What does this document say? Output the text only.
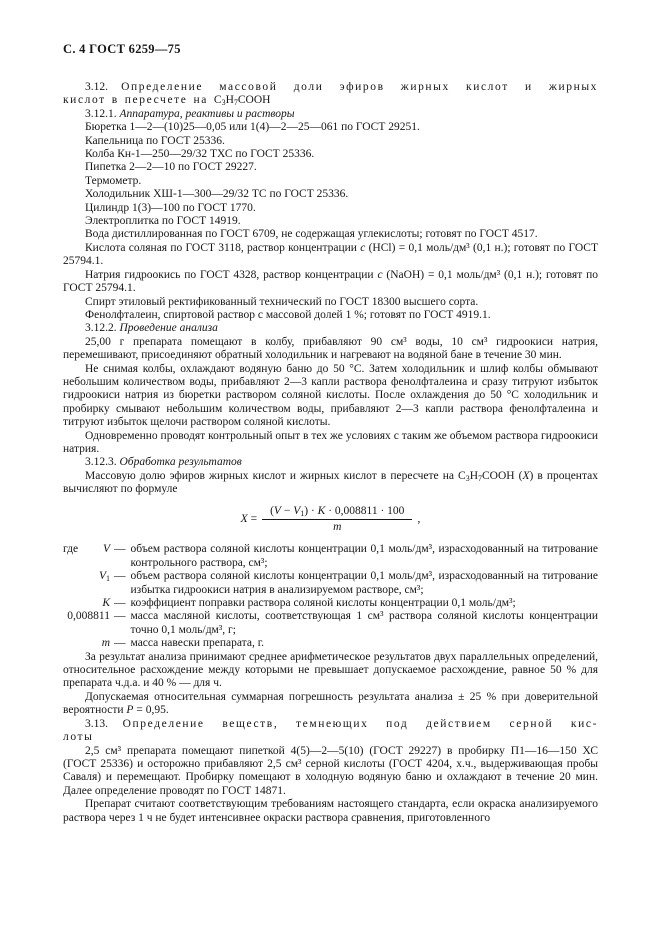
С. 4 ГОСТ 6259—75
3.12. Определение массовой доли эфиров жирных кислот и жирных
кислот в пересчете на $C_3H_7COOH$

3.12.1. Аппаратура, реактивы и растворы

Бюретка 1—2—(10)25—0,05 или 1(4)—2—25—061 по ГОСТ 29251.

Капельница по ГОСТ 25336.

Колба Кн-1—250—29/32 ТХС по ГОСТ 25336.

Пипетка 2—2—10 по ГОСТ 29227.

Термометр.

Холодильник ХШ-1—300—29/32 ТС по ГОСТ 25336.

Цилиндр 1(3)—100 по ГОСТ 1770.

Электроплитка по ГОСТ 14919.

Вода дистиллированная по ГОСТ 6709, не содержащая углекислоты; готовят по ГОСТ 4517.

Кислота соляная по ГОСТ 3118, раствор концентрации c (HCl) = 0,1 моль/дм³ (0,1 н.); готовят по ГОСТ 25794.1.

Натрия гидроокись по ГОСТ 4328, раствор концентрации c (NaOH) = 0,1 моль/дм³ (0,1 н.); готовят по ГОСТ 25794.1.

Спирт этиловый ректификованный технический по ГОСТ 18300 высшего сорта.

Фенолфталеин, спиртовой раствор с массовой долей 1 %; готовят по ГОСТ 4919.1.

3.12.2. Проведение анализа

25,00 г препарата помещают в колбу, прибавляют 90 см³ воды, 10 см³ гидроокиси натрия, перемешивают, присоединяют обратный холодильник и нагревают на водяной бане в течение 30 мин.

Не снимая колбы, охлаждают водяную баню до 50 °С. Затем холодильник и шлиф колбы обмывают небольшим количеством воды, прибавляют 2—3 капли раствора фенолфталеина и сразу титруют избыток гидроокиси натрия из бюретки раствором соляной кислоты. После охлаждения до 50 °С холодильник и пробирку смывают небольшим количеством воды, прибавляют 2—3 капли раствора фенолфталеина и титруют избыток щелочи раствором соляной кислоты.

Одновременно проводят контрольный опыт в тех же условиях с таким же объемом раствора гидроокиси натрия.

3.12.3. Обработка результатов

Массовую долю эфиров жирных кислот и жирных кислот в пересчете на $C_3H_7COOH$ (X) в процентах вычисляют по формуле

$X = \frac{(V - V_1) \cdot K \cdot 0,008811 \cdot 100}{m}$ ,
где V — объем раствора соляной кислоты концентрации 0,1 моль/дм³, израсходованный на титрование контрольного раствора, см³;
$V_1$ — объем раствора соляной кислоты концентрации 0,1 моль/дм³, израсходованный на титрование избытка гидроокиси натрия в анализируемом растворе, см³;
K — коэффициент поправки раствора соляной кислоты концентрации 0,1 моль/дм³;
0,008811 — масса масляной кислоты, соответствующая 1 см³ раствора соляной кислоты концентрации точно 0,1 моль/дм³, г;
m — масса навески препарата, г.

За результат анализа принимают среднее арифметическое результатов двух параллельных определений, относительное расхождение между которыми не превышает допускаемое расхождение, равное 50 % для препарата ч.д.а. и 40 % — для ч.

Допускаемая относительная суммарная погрешность результата анализа ± 25 % при доверительной вероятности P = 0,95.

3.13. Определение веществ, темнеющих под действием серной кис-
лоты

2,5 см³ препарата помещают пипеткой 4(5)—2—5(10) (ГОСТ 29227) в пробирку П1—16—150 ХС (ГОСТ 25336) и осторожно прибавляют 2,5 см³ серной кислоты (ГОСТ 4204, х.ч., выдерживающая пробы Саваля) и перемещают. Пробирку помещают в холодную водяную баню и охлаждают в течение 20 мин. Далее определение проводят по ГОСТ 14871.

Препарат считают соответствующим требованиям настоящего стандарта, если окраска анализируемого раствора через 1 ч не будет интенсивнее окраски раствора сравнения, приготовленного
